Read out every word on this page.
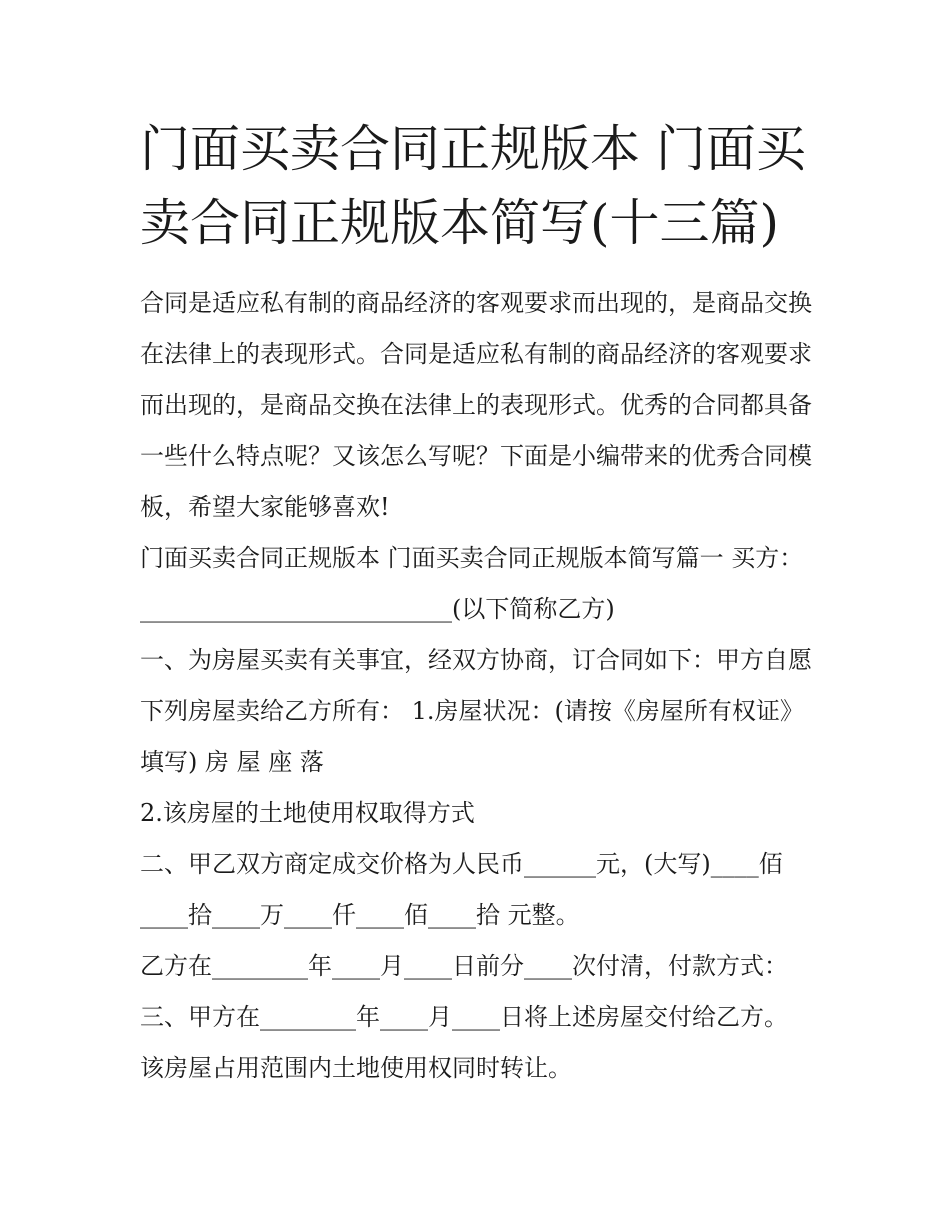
门面买卖合同正规版本 门面买卖合同正规版本简写(十三篇)

合同是适应私有制的商品经济的客观要求而出现的，是商品交换在法律上的表现形式。合同是适应私有制的商品经济的客观要求而出现的，是商品交换在法律上的表现形式。优秀的合同都具备一些什么特点呢？又该怎么写呢？下面是小编带来的优秀合同模板，希望大家能够喜欢!

门面买卖合同正规版本 门面买卖合同正规版本简写篇一 买方：__________________________(以下简称乙方)

一、为房屋买卖有关事宜，经双方协商，订合同如下：甲方自愿下列房屋卖给乙方所有： 1.房屋状况：(请按《房屋所有权证》填写) 房 屋 座 落

2.该房屋的土地使用权取得方式

二、甲乙双方商定成交价格为人民币______元，(大写)____佰____拾____万____仟____佰____拾 元整。

乙方在________年____月____日前分____次付清，付款方式：

三、甲方在________年____月____日将上述房屋交付给乙方。

该房屋占用范围内土地使用权同时转让。
